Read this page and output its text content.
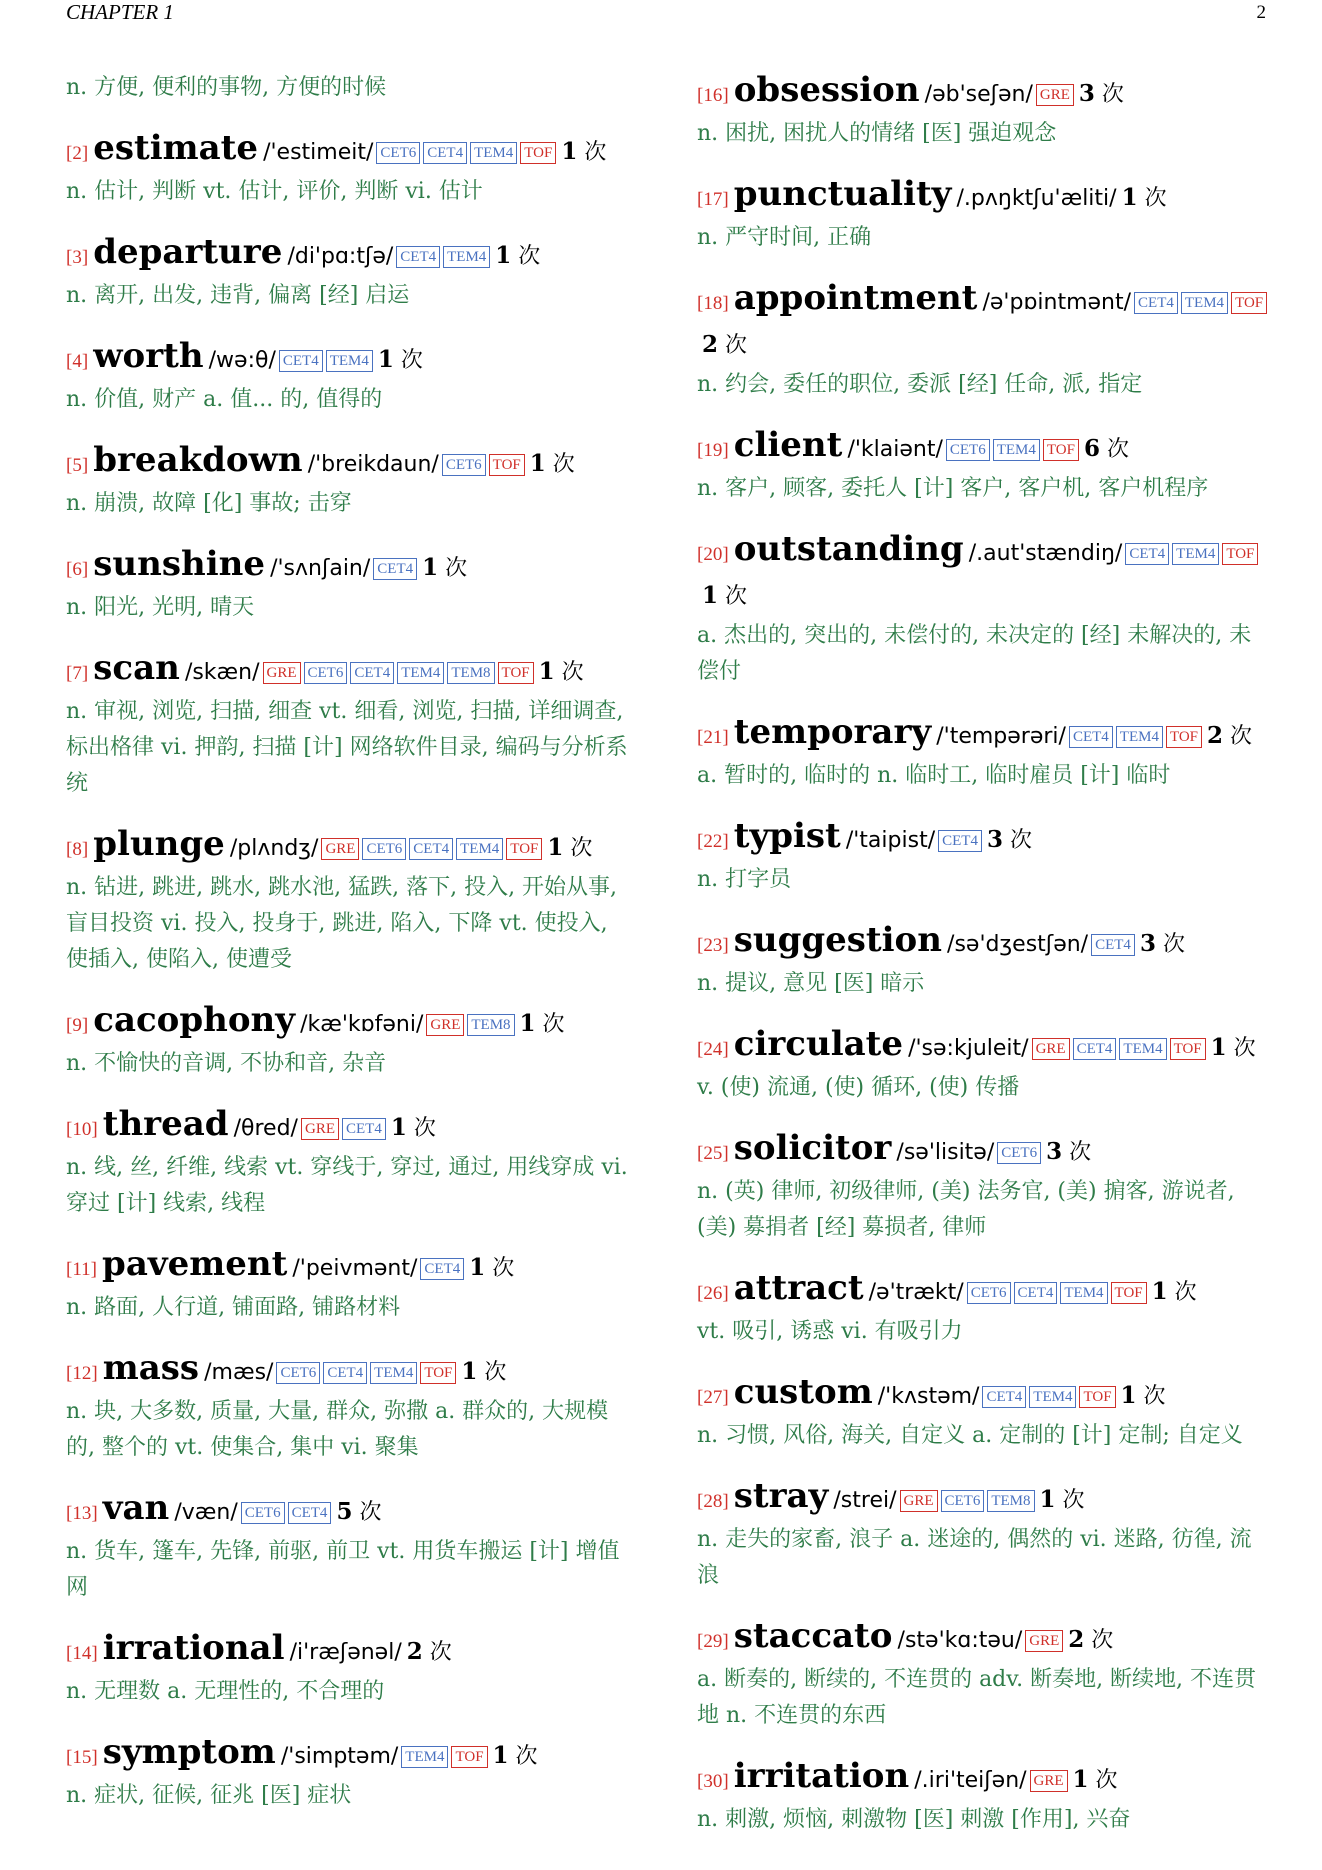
CHAPTER 1	2
n. 方便, 便利的事物, 方便的时候
[2] estimate /'estimeit/ CET6 CET4 TEM4 TOF 1 次
n. 估计, 判断 vt. 估计, 评价, 判断 vi. 估计
[3] departure /di'pɑ:tʃə/ CET4 TEM4 1 次
n. 离开, 出发, 违背, 偏离 [经] 启运
[4] worth /wə:θ/ CET4 TEM4 1 次
n. 价值, 财产 a. 值... 的, 值得的
[5] breakdown /'breikdaun/ CET6 TOF 1 次
n. 崩溃, 故障 [化] 事故; 击穿
[6] sunshine /'sʌnʃain/ CET4 1 次
n. 阳光, 光明, 晴天
[7] scan /skæn/ GRE CET6 CET4 TEM4 TEM8 TOF 1 次
n. 审视, 浏览, 扫描, 细查 vt. 细看, 浏览, 扫描, 详细调查, 标出格律 vi. 押韵, 扫描 [计] 网络软件目录, 编码与分析系统
[8] plunge /plʌndʒ/ GRE CET6 CET4 TEM4 TOF 1 次
n. 钻进, 跳进, 跳水, 跳水池, 猛跌, 落下, 投入, 开始从事, 盲目投资 vi. 投入, 投身于, 跳进, 陷入, 下降 vt. 使投入, 使插入, 使陷入, 使遭受
[9] cacophony /kæ'kɒfəni/ GRE TEM8 1 次
n. 不愉快的音调, 不协和音, 杂音
[10] thread /θred/ GRE CET4 1 次
n. 线, 丝, 纤维, 线索 vt. 穿线于, 穿过, 通过, 用线穿成 vi. 穿过 [计] 线索, 线程
[11] pavement /'peivmənt/ CET4 1 次
n. 路面, 人行道, 铺面路, 铺路材料
[12] mass /mæs/ CET6 CET4 TEM4 TOF 1 次
n. 块, 大多数, 质量, 大量, 群众, 弥撒 a. 群众的, 大规模的, 整个的 vt. 使集合, 集中 vi. 聚集
[13] van /væn/ CET6 CET4 5 次
n. 货车, 篷车, 先锋, 前驱, 前卫 vt. 用货车搬运 [计] 增值网
[14] irrational /i'ræʃənəl/ 2 次
n. 无理数 a. 无理性的, 不合理的
[15] symptom /'simptəm/ TEM4 TOF 1 次
n. 症状, 征候, 征兆 [医] 症状
[16] obsession /əb'seʃən/ GRE 3 次
n. 困扰, 困扰人的情绪 [医] 强迫观念
[17] punctuality /.pʌŋktʃu'æliti/ 1 次
n. 严守时间, 正确
[18] appointment /ə'pɒintmənt/ CET4 TEM4 TOF2 次
n. 约会, 委任的职位, 委派 [经] 任命, 派, 指定
[19] client /'klaiənt/ CET6 TEM4 TOF 6 次
n. 客户, 顾客, 委托人 [计] 客户, 客户机, 客户机程序
[20] outstanding /.aut'stændiŋ/ CET4 TEM4 TOF1 次
a. 杰出的, 突出的, 未偿付的, 未决定的 [经] 未解决的, 未偿付
[21] temporary /'tempərəri/ CET4 TEM4 TOF 2 次
a. 暂时的, 临时的 n. 临时工, 临时雇员 [计] 临时
[22] typist /'taipist/ CET4 3 次
n. 打字员
[23] suggestion /sə'dʒestʃən/ CET4 3 次
n. 提议, 意见 [医] 暗示
[24] circulate /'sə:kjuleit/ GRE CET4 TEM4 TOF 1 次
v. (使) 流通, (使) 循环, (使) 传播
[25] solicitor /sə'lisitə/ CET6 3 次
n. (英) 律师, 初级律师, (美) 法务官, (美) 掮客, 游说者, (美) 募捐者 [经] 募损者, 律师
[26] attract /ə'trækt/ CET6 CET4 TEM4 TOF 1 次
vt. 吸引, 诱惑 vi. 有吸引力
[27] custom /'kʌstəm/ CET4 TEM4 TOF 1 次
n. 习惯, 风俗, 海关, 自定义 a. 定制的 [计] 定制; 自定义
[28] stray /strei/ GRE CET6 TEM8 1 次
n. 走失的家畜, 浪子 a. 迷途的, 偶然的 vi. 迷路, 彷徨, 流浪
[29] staccato /stə'kɑ:təu/ GRE 2 次
a. 断奏的, 断续的, 不连贯的 adv. 断奏地, 断续地, 不连贯地 n. 不连贯的东西
[30] irritation /.iri'teiʃən/ GRE 1 次
n. 刺激, 烦恼, 刺激物 [医] 刺激 [作用], 兴奋
